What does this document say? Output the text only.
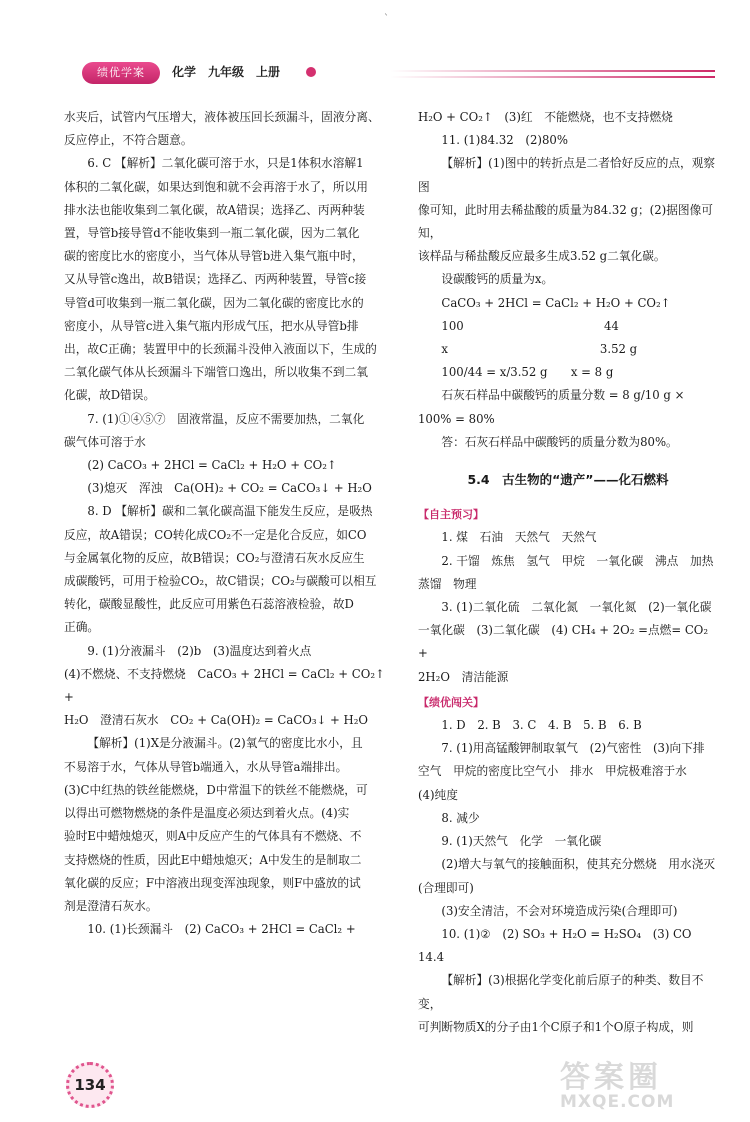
ˋ
绩优学案	化学　九年级　上册

水夹后，试管内气压增大，液体被压回长颈漏斗，固液分离、

反应停止，不符合题意。

6. C 【解析】二氧化碳可溶于水，只是1体积水溶解1

体积的二氧化碳，如果达到饱和就不会再溶于水了，所以用

排水法也能收集到二氧化碳，故A错误；选择乙、丙两种装

置，导管b接导管d不能收集到一瓶二氧化碳，因为二氧化

碳的密度比水的密度小，当气体从导管b进入集气瓶中时，

又从导管c逸出，故B错误；选择乙、丙两种装置，导管c接

导管d可收集到一瓶二氧化碳，因为二氧化碳的密度比水的

密度小，从导管c进入集气瓶内形成气压，把水从导管b排

出，故C正确；装置甲中的长颈漏斗没伸入液面以下，生成的

二氧化碳气体从长颈漏斗下端管口逸出，所以收集不到二氧

化碳，故D错误。

7. (1)①④⑤⑦　固液常温，反应不需要加热，二氧化

碳气体可溶于水

(2) CaCO₃ + 2HCl = CaCl₂ + H₂O + CO₂↑

(3)熄灭　浑浊　Ca(OH)₂ + CO₂ = CaCO₃↓ + H₂O

8. D 【解析】碳和二氧化碳高温下能发生反应，是吸热

反应，故A错误；CO转化成CO₂不一定是化合反应，如CO

与金属氧化物的反应，故B错误；CO₂与澄清石灰水反应生

成碳酸钙，可用于检验CO₂，故C错误；CO₂与碳酸可以相互

转化，碳酸显酸性，此反应可用紫色石蕊溶液检验，故D

正确。

9. (1)分液漏斗　(2)b　(3)温度达到着火点

(4)不燃烧、不支持燃烧　CaCO₃ + 2HCl = CaCl₂ + CO₂↑ +

H₂O　澄清石灰水　CO₂ + Ca(OH)₂ = CaCO₃↓ + H₂O

【解析】(1)X是分液漏斗。(2)氧气的密度比水小，且

不易溶于水，气体从导管b端通入，水从导管a端排出。

(3)C中红热的铁丝能燃烧，D中常温下的铁丝不能燃烧，可

以得出可燃物燃烧的条件是温度必须达到着火点。(4)实

验时E中蜡烛熄灭，则A中反应产生的气体具有不燃烧、不

支持燃烧的性质，因此E中蜡烛熄灭；A中发生的是制取二

氧化碳的反应；F中溶液出现变浑浊现象，则F中盛放的试

剂是澄清石灰水。

10. (1)长颈漏斗　(2) CaCO₃ + 2HCl = CaCl₂ +

H₂O + CO₂↑　(3)红　不能燃烧，也不支持燃烧

11. (1)84.32　(2)80%

【解析】(1)图中的转折点是二者恰好反应的点，观察图

像可知，此时用去稀盐酸的质量为84.32 g；(2)据图像可知，

该样品与稀盐酸反应最多生成3.52 g二氧化碳。

设碳酸钙的质量为x。

CaCO₃ + 2HCl = CaCl₂ + H₂O + CO₂↑

100　　　　　　　　　　　　44

x　　　　　　　　　　　　　3.52 g

100/44 = x/3.52 g　　x = 8 g

石灰石样品中碳酸钙的质量分数 = 8 g/10 g × 100% = 80%

答：石灰石样品中碳酸钙的质量分数为80%。

5.4　古生物的“遗产”——化石燃料

【自主预习】

1. 煤　石油　天然气　天然气

2. 干馏　炼焦　氢气　甲烷　一氧化碳　沸点　加热

蒸馏　物理

3. (1)二氧化硫　二氧化氮　一氧化氮　(2)一氧化碳

一氧化碳　(3)二氧化碳　(4) CH₄ + 2O₂ =点燃= CO₂ +

2H₂O　清洁能源

【绩优闯关】

1. D　2. B　3. C　4. B　5. B　6. B

7. (1)用高锰酸钾制取氧气　(2)气密性　(3)向下排

空气　甲烷的密度比空气小　排水　甲烷极难溶于水

(4)纯度

8. 减少

9. (1)天然气　化学　一氧化碳

(2)增大与氧气的接触面积，使其充分燃烧　用水浇灭

(合理即可)

(3)安全清洁，不会对环境造成污染(合理即可)

10. (1)②　(2) SO₃ + H₂O = H₂SO₄　(3) CO　14.4

【解析】(3)根据化学变化前后原子的种类、数目不变，

可判断物质X的分子由1个C原子和1个O原子构成，则

134	答案圈
MXQE.COM
